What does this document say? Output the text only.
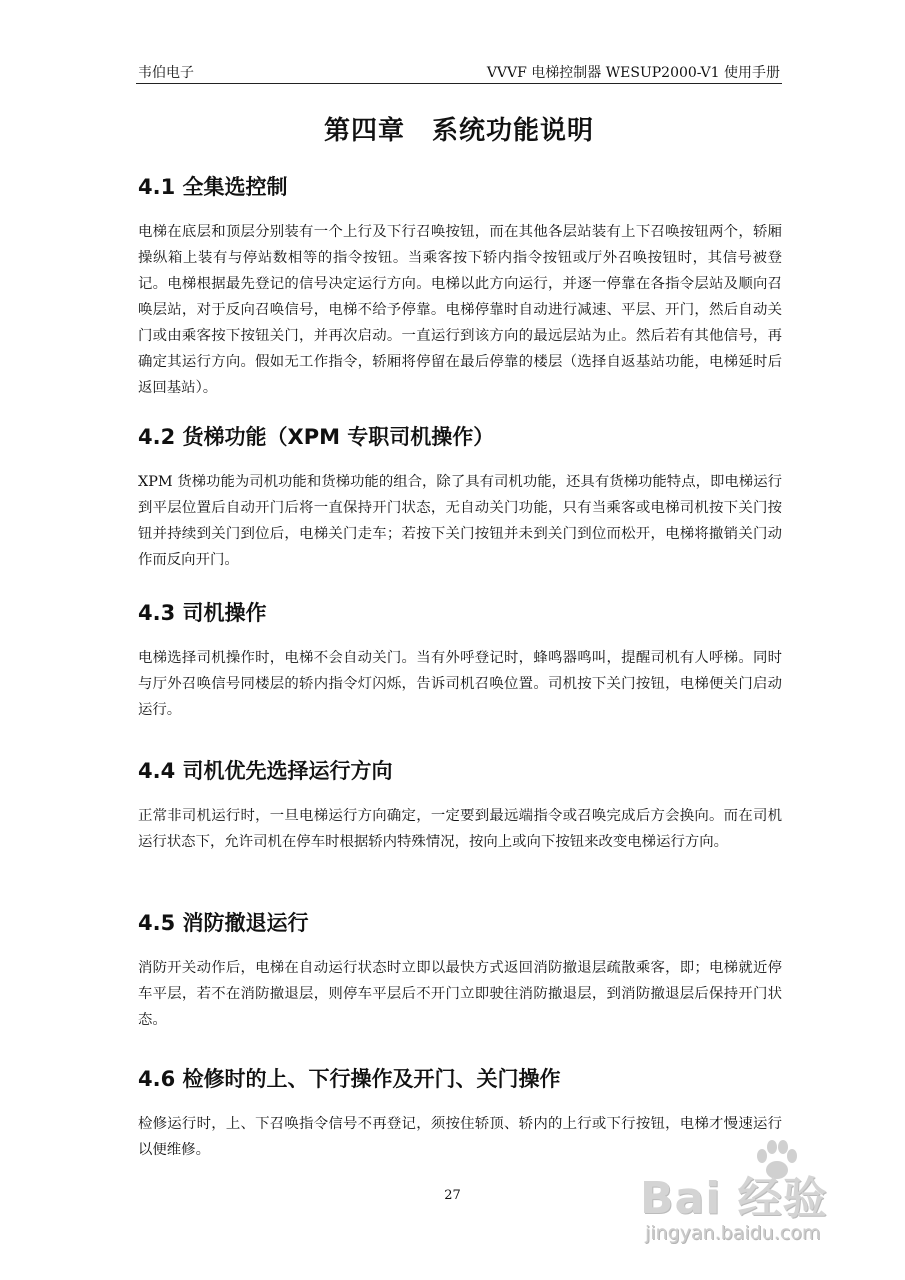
韦伯电子	VVVF 电梯控制器 WESUP2000-V1 使用手册
第四章　系统功能说明
4.1 全集选控制

电梯在底层和顶层分别装有一个上行及下行召唤按钮，而在其他各层站装有上下召唤按钮两个，轿厢操纵箱上装有与停站数相等的指令按钮。当乘客按下轿内指令按钮或厅外召唤按钮时，其信号被登记。电梯根据最先登记的信号决定运行方向。电梯以此方向运行，并逐一停靠在各指令层站及顺向召唤层站，对于反向召唤信号，电梯不给予停靠。电梯停靠时自动进行减速、平层、开门，然后自动关门或由乘客按下按钮关门，并再次启动。一直运行到该方向的最远层站为止。然后若有其他信号，再确定其运行方向。假如无工作指令，轿厢将停留在最后停靠的楼层（选择自返基站功能，电梯延时后返回基站）。

4.2 货梯功能（XPM 专职司机操作）

XPM 货梯功能为司机功能和货梯功能的组合，除了具有司机功能，还具有货梯功能特点，即电梯运行到平层位置后自动开门后将一直保持开门状态，无自动关门功能，只有当乘客或电梯司机按下关门按钮并持续到关门到位后，电梯关门走车；若按下关门按钮并未到关门到位而松开，电梯将撤销关门动作而反向开门。

4.3 司机操作

电梯选择司机操作时，电梯不会自动关门。当有外呼登记时，蜂鸣器鸣叫，提醒司机有人呼梯。同时与厅外召唤信号同楼层的轿内指令灯闪烁，告诉司机召唤位置。司机按下关门按钮，电梯便关门启动运行。

4.4 司机优先选择运行方向

正常非司机运行时，一旦电梯运行方向确定，一定要到最远端指令或召唤完成后方会换向。而在司机运行状态下，允许司机在停车时根据轿内特殊情况，按向上或向下按钮来改变电梯运行方向。

4.5 消防撤退运行

消防开关动作后，电梯在自动运行状态时立即以最快方式返回消防撤退层疏散乘客，即；电梯就近停车平层，若不在消防撤退层，则停车平层后不开门立即驶往消防撤退层，到消防撤退层后保持开门状态。

4.6 检修时的上、下行操作及开门、关门操作

检修运行时，上、下召唤指令信号不再登记，须按住轿顶、轿内的上行或下行按钮，电梯才慢速运行以便维修。

27	Bai 经验
jingyan.baidu.com
